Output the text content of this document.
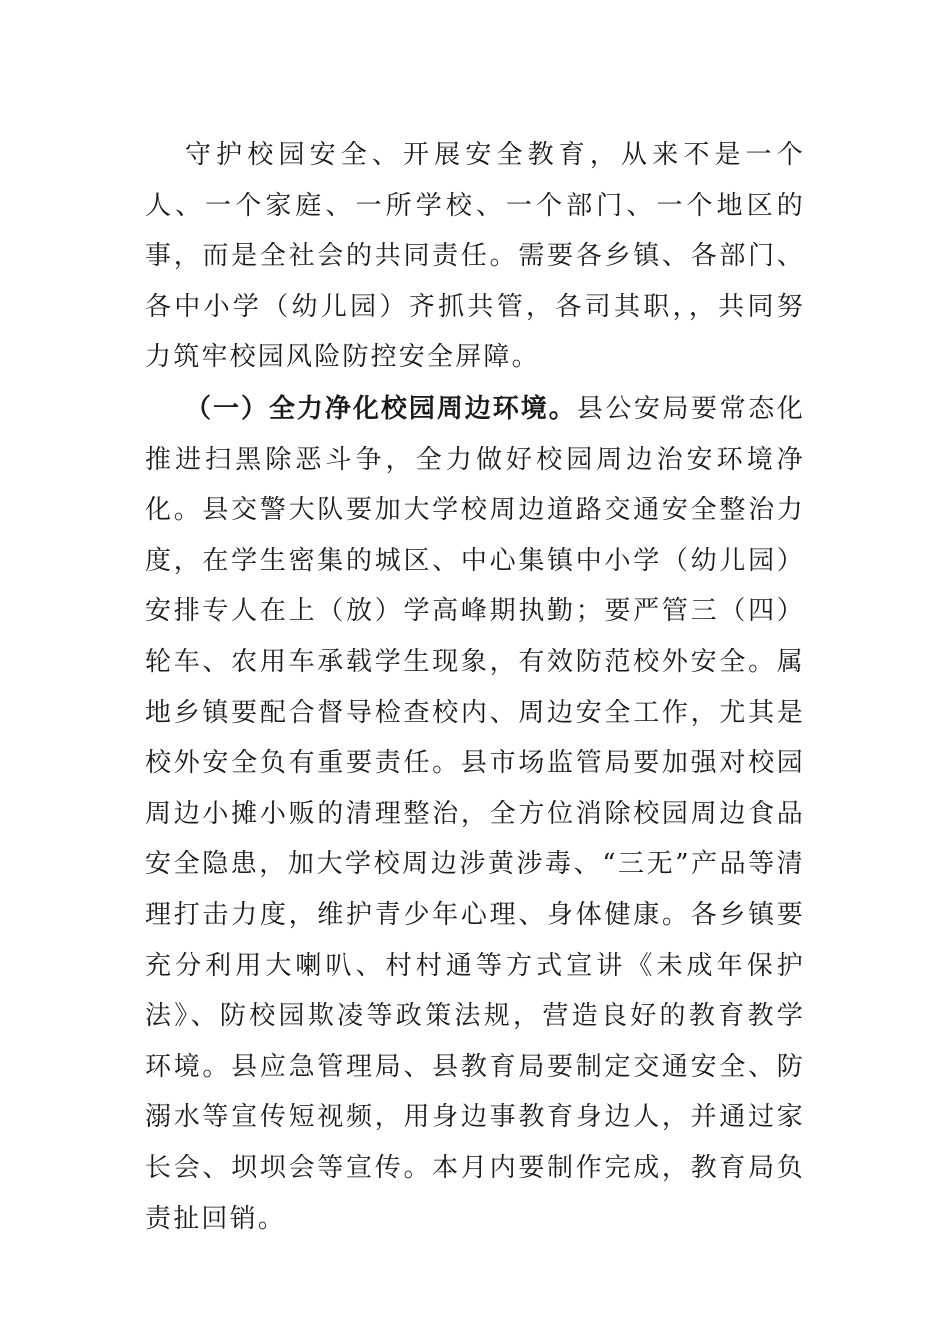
守护校园安全、开展安全教育，从来不是一个人、一个家庭、一所学校、一个部门、一个地区的事，而是全社会的共同责任。需要各乡镇、各部门、各中小学（幼儿园）齐抓共管，各司其职，，共同努力筑牢校园风险防控安全屏障。

（一）全力净化校园周边环境。县公安局要常态化推进扫黑除恶斗争，全力做好校园周边治安环境净化。县交警大队要加大学校周边道路交通安全整治力度，在学生密集的城区、中心集镇中小学（幼儿园）安排专人在上（放）学高峰期执勤；要严管三（四）轮车、农用车承载学生现象，有效防范校外安全。属地乡镇要配合督导检查校内、周边安全工作，尤其是校外安全负有重要责任。县市场监管局要加强对校园周边小摊小贩的清理整治，全方位消除校园周边食品安全隐患，加大学校周边涉黄涉毒、“三无”产品等清理打击力度，维护青少年心理、身体健康。各乡镇要充分利用大喇叭、村村通等方式宣讲《未成年保护法》、防校园欺凌等政策法规，营造良好的教育教学环境。县应急管理局、县教育局要制定交通安全、防溺水等宣传短视频，用身边事教育身边人，并通过家长会、坝坝会等宣传。本月内要制作完成，教育局负责扯回销。
